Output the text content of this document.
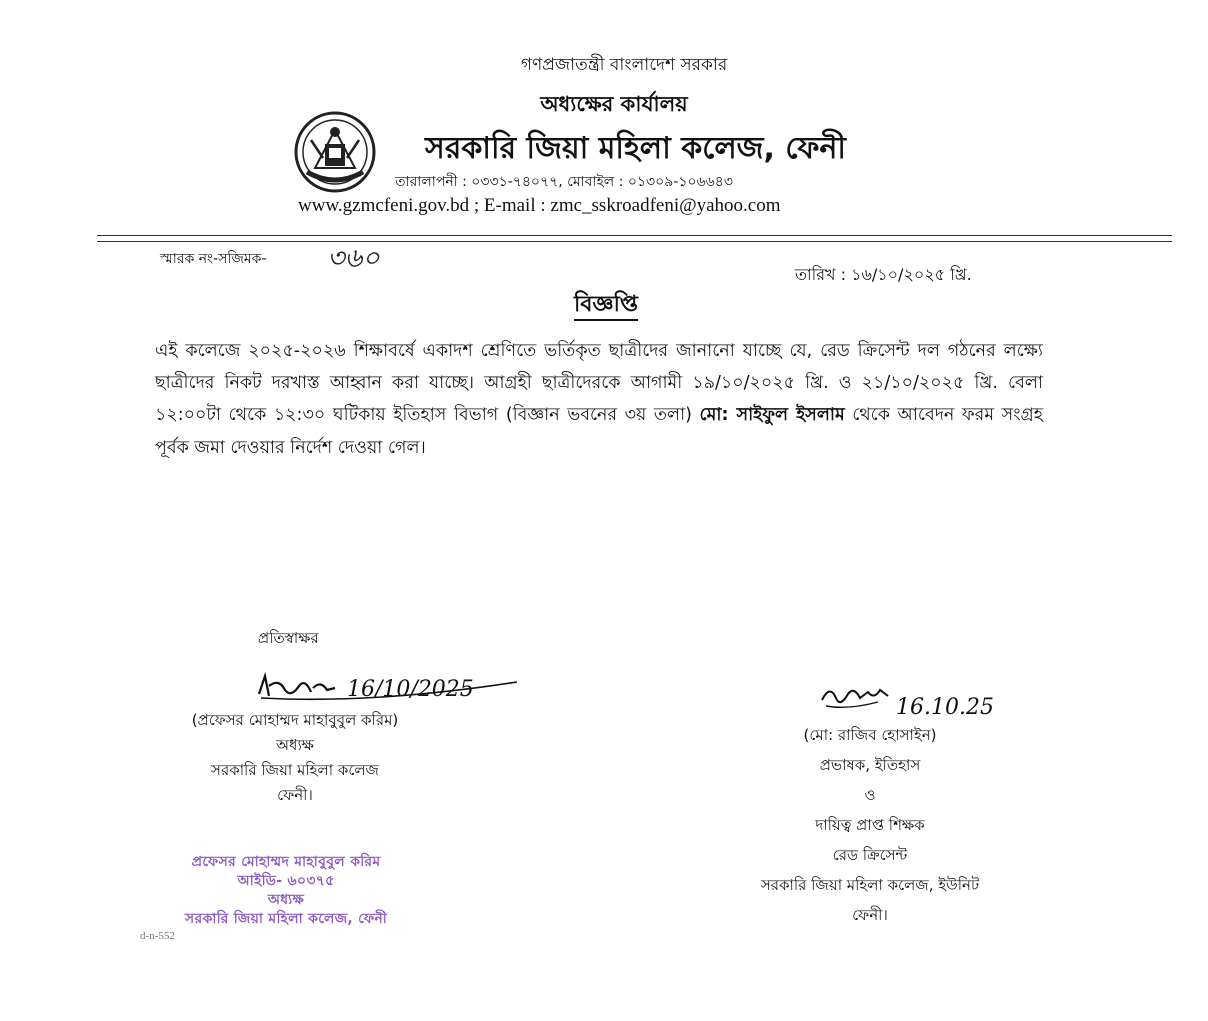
গণপ্রজাতন্ত্রী বাংলাদেশ সরকার
অধ্যক্ষের কার্যালয়
সরকারি জিয়া মহিলা কলেজ, ফেনী
তারালাপনী : ০৩৩১-৭৪০৭৭, মোবাইল : ০১৩০৯-১০৬৬৪৩
www.gzmcfeni.gov.bd ; E-mail : zmc_sskroadfeni@yahoo.com
স্মারক নং-সজিমক- ৩৬০
তারিখ : ১৬/১০/২০২৫ খ্রি.
বিজ্ঞপ্তি
এই কলেজে ২০২৫-২০২৬ শিক্ষাবর্ষে একাদশ শ্রেণিতে ভর্তিকৃত ছাত্রীদের জানানো যাচ্ছে যে, রেড ক্রিসেন্ট দল গঠনের লক্ষ্যে ছাত্রীদের নিকট দরখাস্ত আহ্বান করা যাচ্ছে। আগ্রহী ছাত্রীদেরকে আগামী ১৯/১০/২০২৫ খ্রি. ও ২১/১০/২০২৫ খ্রি. বেলা ১২:০০টা থেকে ১২:৩০ ঘটিকায় ইতিহাস বিভাগ (বিজ্ঞান ভবনের ৩য় তলা) মো: সাইফুল ইসলাম থেকে আবেদন ফরম সংগ্রহ পূর্বক জমা দেওয়ার নির্দেশ দেওয়া গেল।
প্রতিস্বাক্ষর
16/10/2025
(প্রফেসর মোহাম্মদ মাহাবুবুল করিম)
অধ্যক্ষ
সরকারি জিয়া মহিলা কলেজ
ফেনী।
প্রফেসর মোহাম্মদ মাহাবুবুল করিম
আইডি- ৬০৩৭৫
অধ্যক্ষ
সরকারি জিয়া মহিলা কলেজ, ফেনী
d-n-552
16.10.25
(মো: রাজিব হোসাইন)
প্রভাষক, ইতিহাস
ও
দায়িত্ব প্রাপ্ত শিক্ষক
রেড ক্রিসেন্ট
সরকারি জিয়া মহিলা কলেজ, ইউনিট
ফেনী।
